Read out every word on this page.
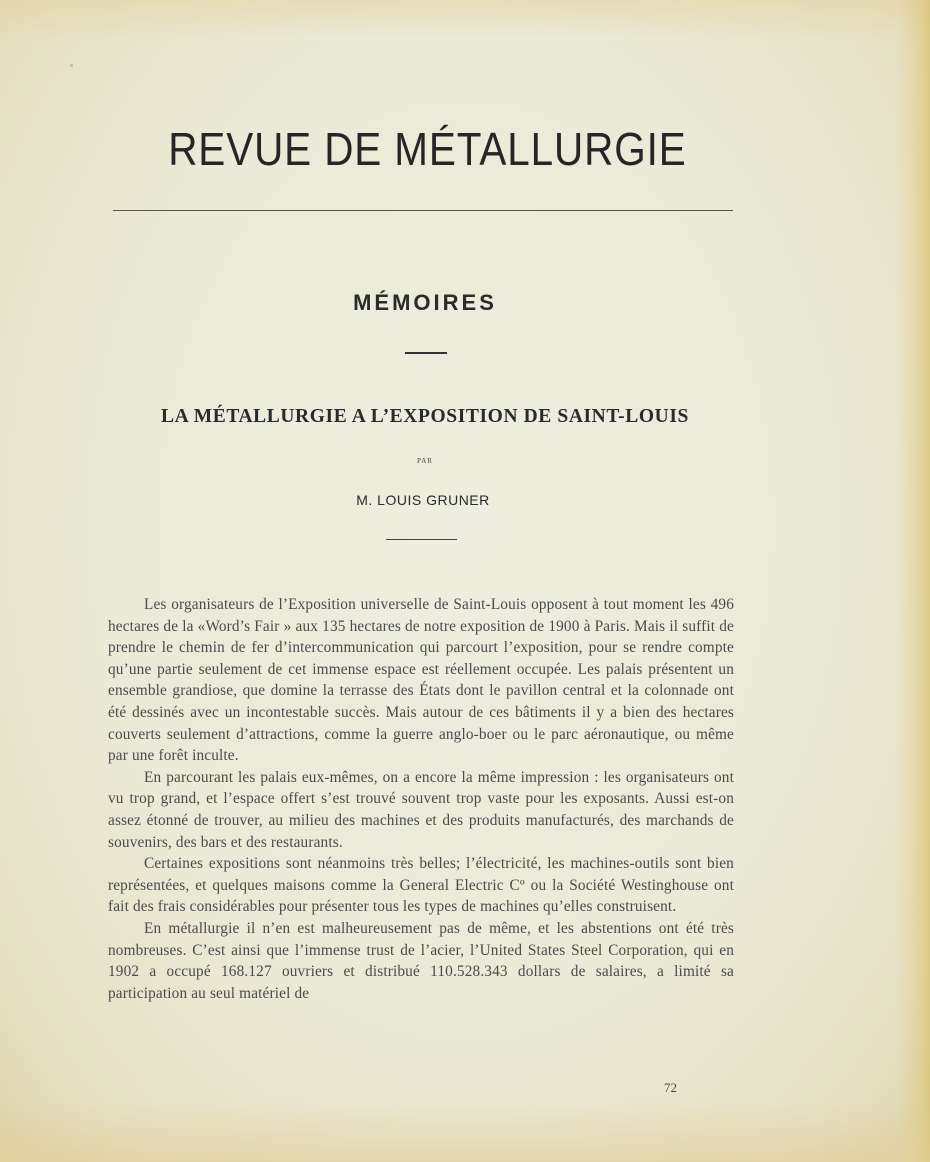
REVUE DE MÉTALLURGIE
MÉMOIRES
LA MÉTALLURGIE A L’EXPOSITION DE SAINT-LOUIS
PAR
M. LOUIS GRUNER

Les organisateurs de l’Exposition universelle de Saint-Louis opposent à tout moment les 496 hectares de la «Word’s Fair » aux 135 hectares de notre exposition de 1900 à Paris. Mais il suffit de prendre le chemin de fer d’intercommunication qui parcourt l’exposition, pour se rendre compte qu’une partie seulement de cet immense espace est réellement occupée. Les palais présentent un ensemble grandiose, que domine la terrasse des États dont le pavillon central et la colonnade ont été dessinés avec un incontestable succès. Mais autour de ces bâtiments il y a bien des hectares couverts seulement d’attractions, comme la guerre anglo-boer ou le parc aéronautique, ou même par une forêt inculte.

En parcourant les palais eux-mêmes, on a encore la même impression : les organisateurs ont vu trop grand, et l’espace offert s’est trouvé souvent trop vaste pour les exposants. Aussi est-on assez étonné de trouver, au milieu des machines et des produits manufacturés, des marchands de souvenirs, des bars et des restaurants.

Certaines expositions sont néanmoins très belles; l’électricité, les machines-outils sont bien représentées, et quelques maisons comme la General Electric Cº ou la Société Westinghouse ont fait des frais considérables pour présenter tous les types de machines qu’elles construisent.

En métallurgie il n’en est malheureusement pas de même, et les abstentions ont été très nombreuses. C’est ainsi que l’immense trust de l’acier, l’United States Steel Corporation, qui en 1902 a occupé 168.127 ouvriers et distribué 110.528.343 dollars de salaires, a limité sa participation au seul matériel de

72
